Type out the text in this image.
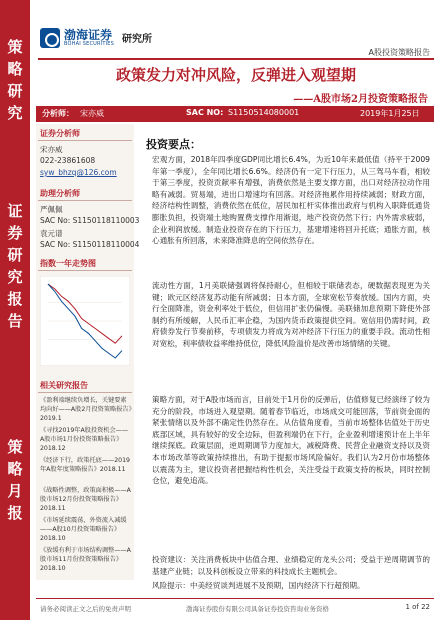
策
略
研
究
证
券
研
究
报
告
策
略
月
报
渤海证券
BOHAI SECURITIES 研究所
A股投资策略报告
政策发力对冲风险，反弹进入观望期
——A股市场2月投资策略报告
分析师： 宋亦威	SAC NO: S1150514080001	2019年1月25日
证券分析师
宋亦威
022-23861608
syw_bhzq@126.com
助理分析师
严佩佩
SAC No: S1150118110003
袁元谱
SAC No: S1150118110004
指数一年走势图
相关研究报告
《盈利端继续负增长，关键要素均向好——A股2月投资策略报告》2019.1
《寻找2019年A股投资机会——A股市场1月份投资策略报告》2018.12
《经济下行，政策托底——2019年A股年度策略报告》2018.11
《战略性调整，政策面积极——A股市场12月份投资策略报告》2018.11
《市场延续震荡，外资流入减缓——A股10月投资策略报告》2018.10
《放缓有利于市场结构调整——A股市场11月份投资策略报告》2018.10
投资要点：
● 宏观方面，2018年四季度GDP同比增长6.4%，为近10年来最低值（持平于2009年第一季度），全年同比增长6.6%。经济仍有一定下行压力，从三驾马车看，相较于第三季度，投资贡献率有增强，消费依然是主要支撑方面，出口对经济拉动作用略有减弱。贸易端，进出口增速均有回落。对经济拖累作用持续减弱；财政方面，经济结构性调整，消费依然在低位，居民加杠杆实体推出政府与机构入职降低通货膨胀负担，投资端土地购置费支撑作用渐退，地产投资仍然下行；内外需求疲弱，企业利润放缓。制造业投资存在的下行压力，基建增速将回升托底；通胀方面，核心通胀有所回落，未来降准降息的空间依然存在。
● 流动性方面，1月美联储强调将保持耐心，但相较于联储表态，硬数据表现更为关键；欧元区经济复苏动能有所减弱；日本方面，全球宽松节奏放缓。国内方面，央行全面降准，资金利率处于低位，但信用扩张仍偏慢。美联储加息预期下降使外部制约有所缓解，人民币汇率企稳，为国内货币政策提供空间。宽信用仍需时间，政府债券发行节奏前移，专项债发力将成为对冲经济下行压力的重要手段。流动性相对宽松，利率债收益率维持低位，降低风险溢价是改善市场情绪的关键。
● 策略方面，对于A股市场而言，目前处于1月份的反弹后，估值修复已经演绎了较为充分的阶段，市场进入观望期。随着春节临近，市场成交可能回落，节前资金面的紧张情绪以及外部不确定性仍然存在。从估值角度看，当前市场整体估值处于历史底部区域，具有较好的安全边际，但盈利端仍在下行，企业盈利增速预计在上半年继续探底。政策层面，逆周期调节力度加大，减税降费、民营企业融资支持以及资本市场改革等政策持续推出，有助于提振市场风险偏好。我们认为2月份市场整体以震荡为主，建议投资者把握结构性机会，关注受益于政策支持的板块，同时控制仓位，避免追高。
● 投资建议：关注消费板块中估值合理、业绩稳定的龙头公司；受益于逆周期调节的基建产业链；以及科创板设立带来的科技成长主题机会。
● 风险提示：中美经贸谈判进展不及预期，国内经济下行超预期。
请务必阅读正文之后的免责声明	渤海证券股份有限公司具备证券投资咨询业务资格	1 of 22
